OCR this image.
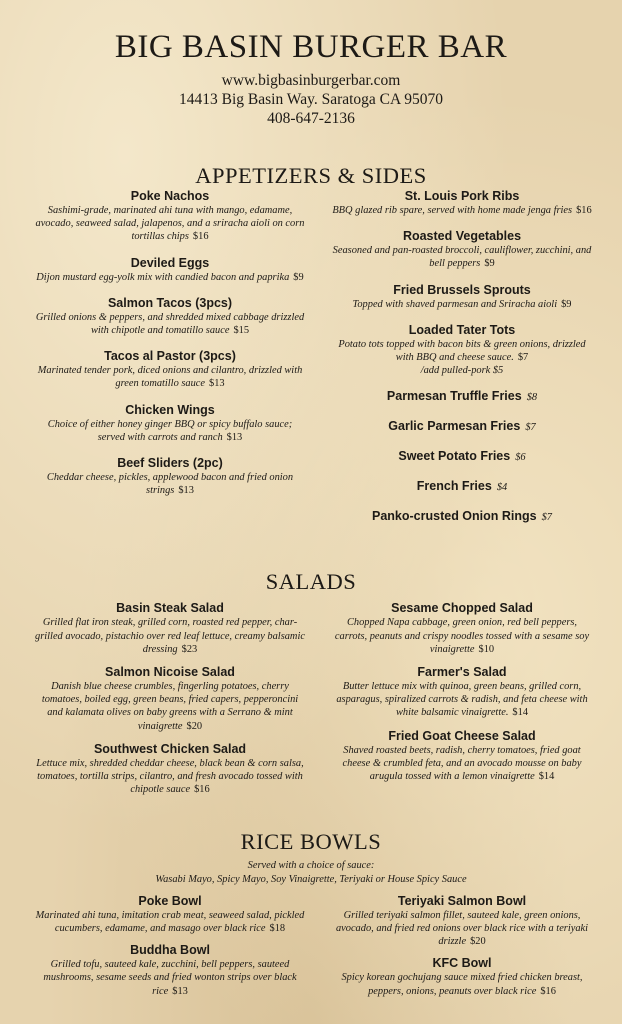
BIG BASIN BURGER BAR
www.bigbasinburgerbar.com
14413 Big Basin Way. Saratoga CA 95070
408-647-2136
APPETIZERS & SIDES
Poke Nachos
Sashimi-grade, marinated ahi tuna with mango, edamame, avocado, seaweed salad, jalapenos, and a sriracha aioli on corn tortillas chips $16
Deviled Eggs
Dijon mustard egg-yolk mix with candied bacon and paprika $9
Salmon Tacos (3pcs)
Grilled onions & peppers, and shredded mixed cabbage drizzled with chipotle and tomatillo sauce $15
Tacos al Pastor (3pcs)
Marinated tender pork, diced onions and cilantro, drizzled with green tomatillo sauce $13
Chicken Wings
Choice of either honey ginger BBQ or spicy buffalo sauce; served with carrots and ranch $13
Beef Sliders (2pc)
Cheddar cheese, pickles, applewood bacon and fried onion strings $13
St. Louis Pork Ribs
BBQ glazed rib spare, served with home made jenga fries $16
Roasted Vegetables
Seasoned and pan-roasted broccoli, cauliflower, zucchini, and bell peppers $9
Fried Brussels Sprouts
Topped with shaved parmesan and Sriracha aioli $9
Loaded Tater Tots
Potato tots topped with bacon bits & green onions, drizzled with BBQ and cheese sauce. $7
/add pulled-pork $5
Parmesan Truffle Fries $8
Garlic Parmesan Fries $7
Sweet Potato Fries $6
French Fries $4
Panko-crusted Onion Rings $7
SALADS
Basin Steak Salad
Grilled flat iron steak, grilled corn, roasted red pepper, char-grilled avocado, pistachio over red leaf lettuce, creamy balsamic dressing $23
Salmon Nicoise Salad
Danish blue cheese crumbles, fingerling potatoes, cherry tomatoes, boiled egg, green beans, fried capers, pepperoncini and kalamata olives on baby greens with a Serrano & mint vinaigrette $20
Southwest Chicken Salad
Lettuce mix, shredded cheddar cheese, black bean & corn salsa, tomatoes, tortilla strips, cilantro, and fresh avocado tossed with chipotle sauce $16
Sesame Chopped Salad
Chopped Napa cabbage, green onion, red bell peppers, carrots, peanuts and crispy noodles tossed with a sesame soy vinaigrette $10
Farmer's Salad
Butter lettuce mix with quinoa, green beans, grilled corn, asparagus, spiralized carrots & radish, and feta cheese with white balsamic vinaigrette. $14
Fried Goat Cheese Salad
Shaved roasted beets, radish, cherry tomatoes, fried goat cheese & crumbled feta, and an avocado mousse on baby arugula tossed with a lemon vinaigrette $14
RICE BOWLS
Served with a choice of sauce:
Wasabi Mayo, Spicy Mayo, Soy Vinaigrette, Teriyaki or House Spicy Sauce
Poke Bowl
Marinated ahi tuna, imitation crab meat, seaweed salad, pickled cucumbers, edamame, and masago over black rice $18
Buddha Bowl
Grilled tofu, sauteed kale, zucchini, bell peppers, sauteed mushrooms, sesame seeds and fried wonton strips over black rice $13
Teriyaki Salmon Bowl
Grilled teriyaki salmon fillet, sauteed kale, green onions, avocado, and fried red onions over black rice with a teriyaki drizzle $20
KFC Bowl
Spicy korean gochujang sauce mixed fried chicken breast, peppers, onions, peanuts over black rice $16
